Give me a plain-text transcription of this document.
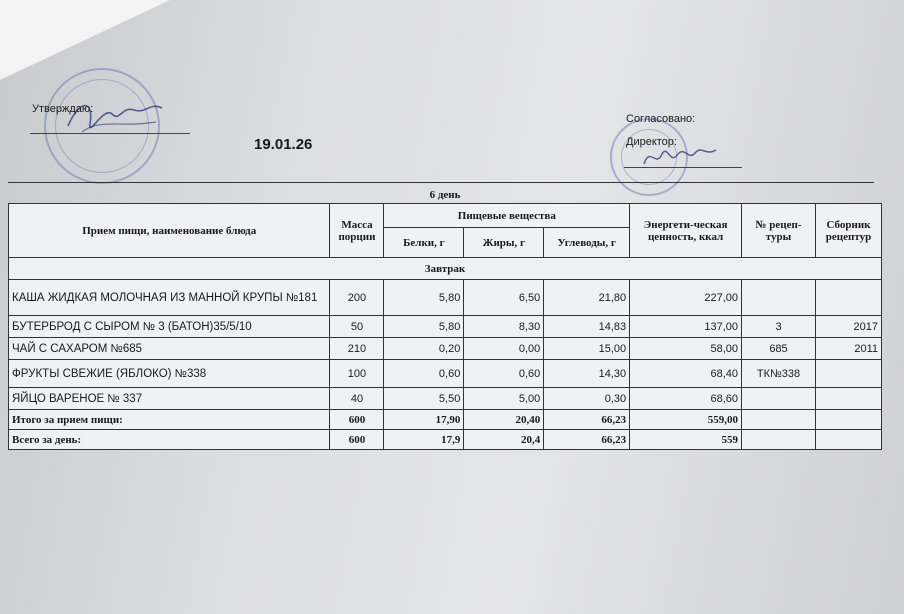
Утверждаю:
19.01.26
Согласовано:
Директор:
6 день
Прием пищи, наименование блюда	Масса порции	Пищевые вещества			Энергети-ческая ценность, ккал	№ рецеп-туры	Сборник рецептур
		Белки, г	Жиры, г	Углеводы, г			
Завтрак							
КАША ЖИДКАЯ МОЛОЧНАЯ ИЗ МАННОЙ КРУПЫ №181	200	5,80	6,50	21,80	227,00		
БУТЕРБРОД С СЫРОМ № 3 (БАТОН)35/5/10	50	5,80	8,30	14,83	137,00	3	2017
ЧАЙ С САХАРОМ №685	210	0,20	0,00	15,00	58,00	685	2011
ФРУКТЫ СВЕЖИЕ (ЯБЛОКО) №338	100	0,60	0,60	14,30	68,40	ТК№338	
ЯЙЦО ВАРЕНОЕ № 337	40	5,50	5,00	0,30	68,60		
Итого за прием пищи:	600	17,90	20,40	66,23	559,00		
Всего за день:	600	17,9	20,4	66,23	559		
